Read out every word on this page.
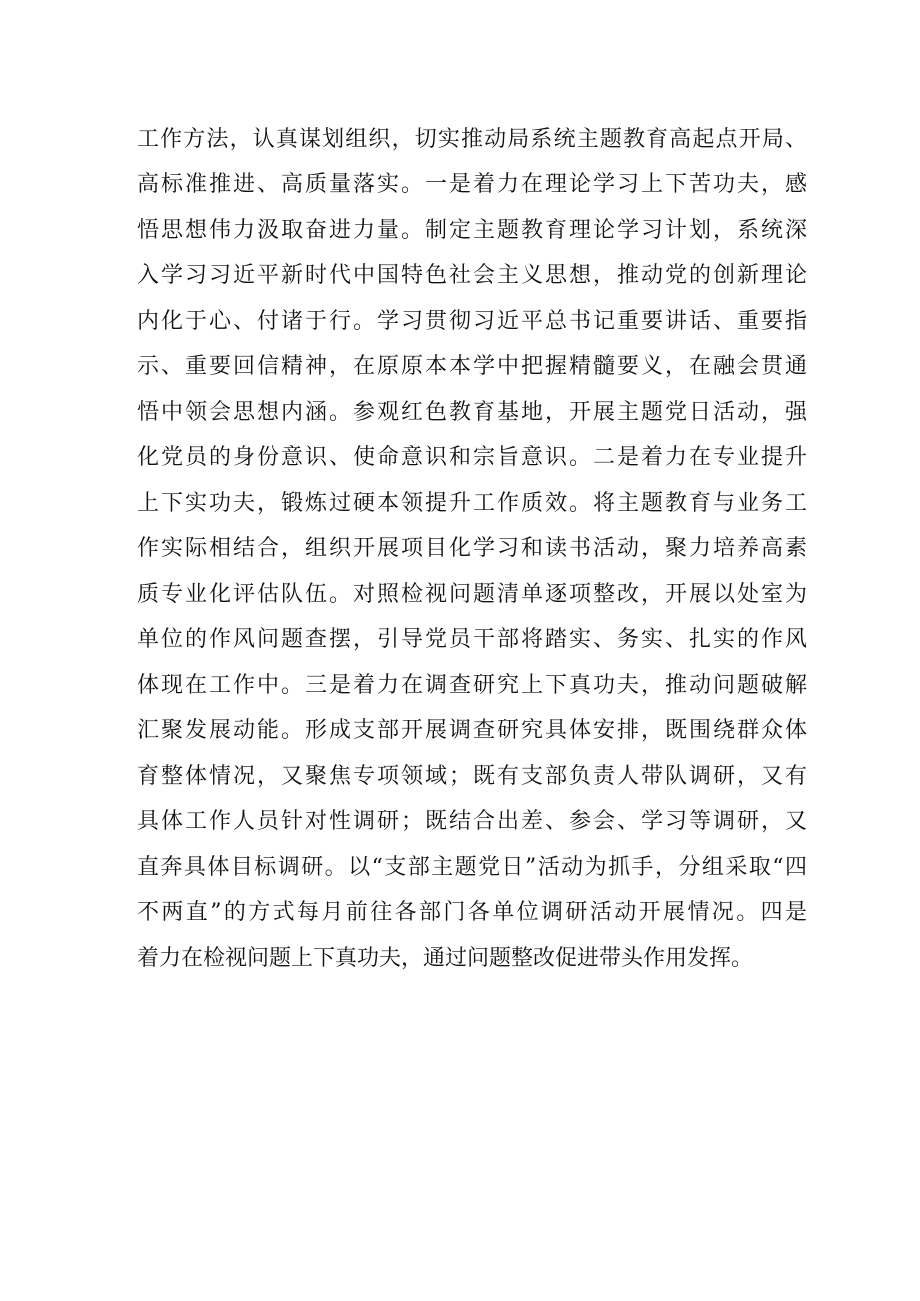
工作方法，认真谋划组织，切实推动局系统主题教育高起点开局、
高标准推进、高质量落实。一是着力在理论学习上下苦功夫，感
悟思想伟力汲取奋进力量。制定主题教育理论学习计划，系统深
入学习习近平新时代中国特色社会主义思想，推动党的创新理论
内化于心、付诸于行。学习贯彻习近平总书记重要讲话、重要指
示、重要回信精神，在原原本本学中把握精髓要义，在融会贯通
悟中领会思想内涵。参观红色教育基地，开展主题党日活动，强
化党员的身份意识、使命意识和宗旨意识。二是着力在专业提升
上下实功夫，锻炼过硬本领提升工作质效。将主题教育与业务工
作实际相结合，组织开展项目化学习和读书活动，聚力培养高素
质专业化评估队伍。对照检视问题清单逐项整改，开展以处室为
单位的作风问题查摆，引导党员干部将踏实、务实、扎实的作风
体现在工作中。三是着力在调查研究上下真功夫，推动问题破解
汇聚发展动能。形成支部开展调查研究具体安排，既围绕群众体
育整体情况，又聚焦专项领域；既有支部负责人带队调研，又有
具体工作人员针对性调研；既结合出差、参会、学习等调研，又
直奔具体目标调研。以“支部主题党日”活动为抓手，分组采取“四
不两直”的方式每月前往各部门各单位调研活动开展情况。四是
着力在检视问题上下真功夫，通过问题整改促进带头作用发挥。
